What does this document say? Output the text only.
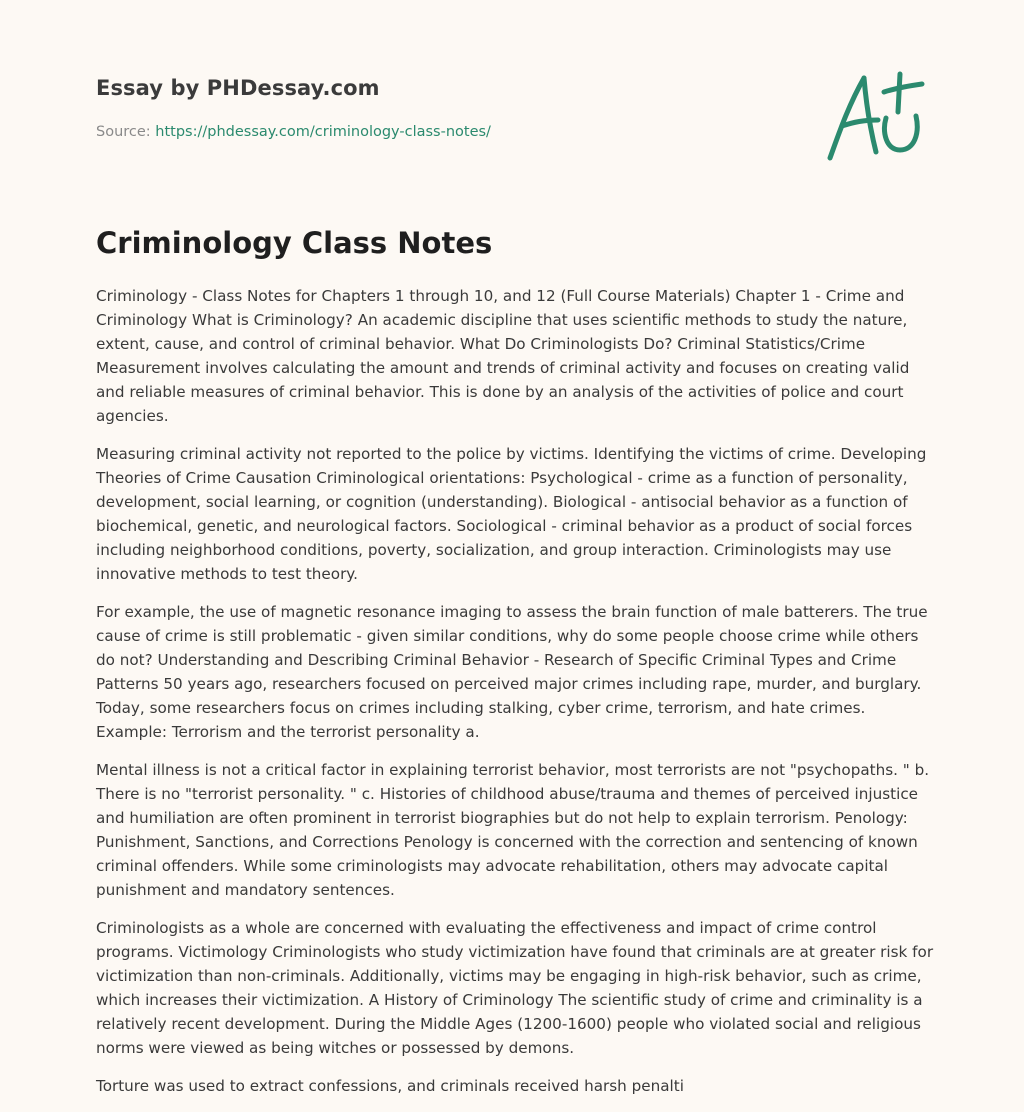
Essay by PHDessay.com
Source: https://phdessay.com/criminology-class-notes/
Criminology Class Notes

Criminology - Class Notes for Chapters 1 through 10, and 12 (Full Course Materials) Chapter 1 - Crime and Criminology What is Criminology? An academic discipline that uses scientific methods to study the nature, extent, cause, and control of criminal behavior. What Do Criminologists Do? Criminal Statistics/Crime Measurement involves calculating the amount and trends of criminal activity and focuses on creating valid and reliable measures of criminal behavior. This is done by an analysis of the activities of police and court agencies.

Measuring criminal activity not reported to the police by victims. Identifying the victims of crime. Developing Theories of Crime Causation Criminological orientations: Psychological - crime as a function of personality, development, social learning, or cognition (understanding). Biological - antisocial behavior as a function of biochemical, genetic, and neurological factors. Sociological - criminal behavior as a product of social forces including neighborhood conditions, poverty, socialization, and group interaction. Criminologists may use innovative methods to test theory.

For example, the use of magnetic resonance imaging to assess the brain function of male batterers. The true cause of crime is still problematic - given similar conditions, why do some people choose crime while others do not? Understanding and Describing Criminal Behavior - Research of Specific Criminal Types and Crime Patterns 50 years ago, researchers focused on perceived major crimes including rape, murder, and burglary. Today, some researchers focus on crimes including stalking, cyber crime, terrorism, and hate crimes. Example: Terrorism and the terrorist personality a.

Mental illness is not a critical factor in explaining terrorist behavior, most terrorists are not "psychopaths. " b. There is no "terrorist personality. " c. Histories of childhood abuse/trauma and themes of perceived injustice and humiliation are often prominent in terrorist biographies but do not help to explain terrorism. Penology: Punishment, Sanctions, and Corrections Penology is concerned with the correction and sentencing of known criminal offenders. While some criminologists may advocate rehabilitation, others may advocate capital punishment and mandatory sentences.

Criminologists as a whole are concerned with evaluating the effectiveness and impact of crime control programs. Victimology Criminologists who study victimization have found that criminals are at greater risk for victimization than non-criminals. Additionally, victims may be engaging in high-risk behavior, such as crime, which increases their victimization. A History of Criminology The scientific study of crime and criminality is a relatively recent development. During the Middle Ages (1200-1600) people who violated social and religious norms were viewed as being witches or possessed by demons.

Torture was used to extract confessions, and criminals received harsh penalti
